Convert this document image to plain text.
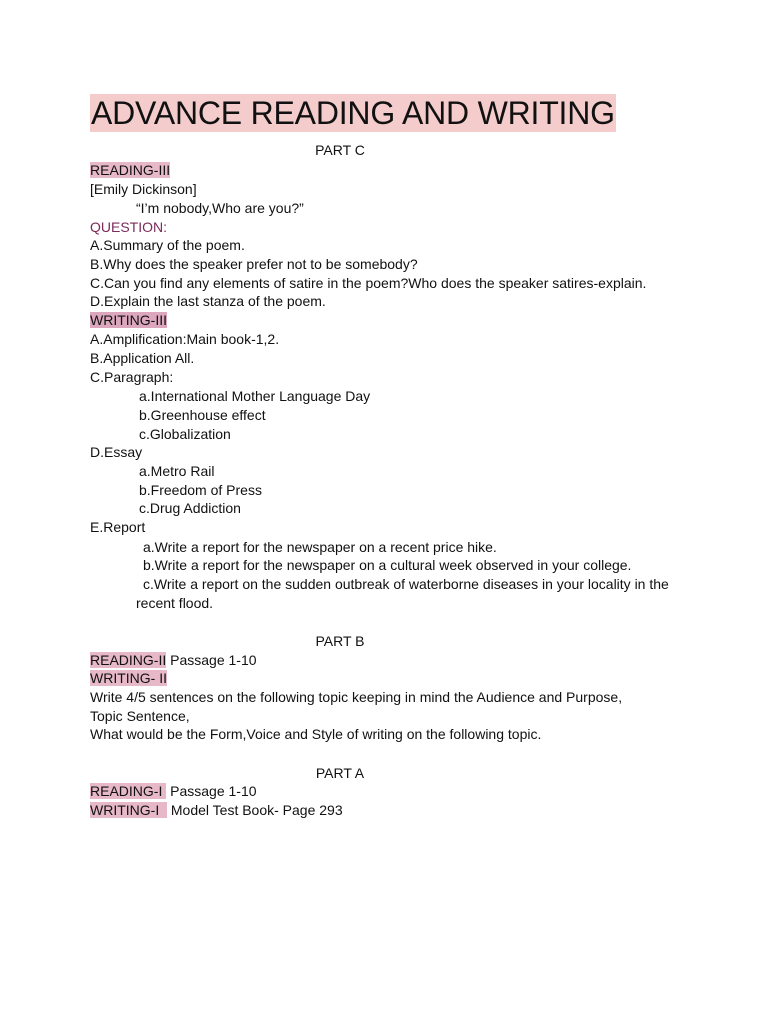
ADVANCE READING AND WRITING
PART C
READING-III
[Emily Dickinson]
“I’m nobody,Who are you?”
QUESTION:
A.Summary of the poem.
B.Why does the speaker prefer not to be somebody?
C.Can you find any elements of satire in the poem?Who does the speaker satires-explain.
D.Explain the last stanza of the poem.
WRITING-III
A.Amplification:Main book-1,2.
B.Application All.
C.Paragraph:
a.International Mother Language Day
b.Greenhouse effect
c.Globalization
D.Essay
a.Metro Rail
b.Freedom of Press
c.Drug Addiction
E.Report
a.Write a report for the newspaper on a recent price hike.
b.Write a report for the newspaper on a cultural week observed in your college.
c.Write a report on the sudden outbreak of waterborne diseases in your locality in the
recent flood.
PART B
READING-II Passage 1-10
WRITING- II
Write 4/5 sentences on the following topic keeping in mind the Audience and Purpose,
Topic Sentence,
What would be the Form,Voice and Style of writing on the following topic.
PART A
READING-I  Passage 1-10
WRITING-I   Model Test Book- Page 293
